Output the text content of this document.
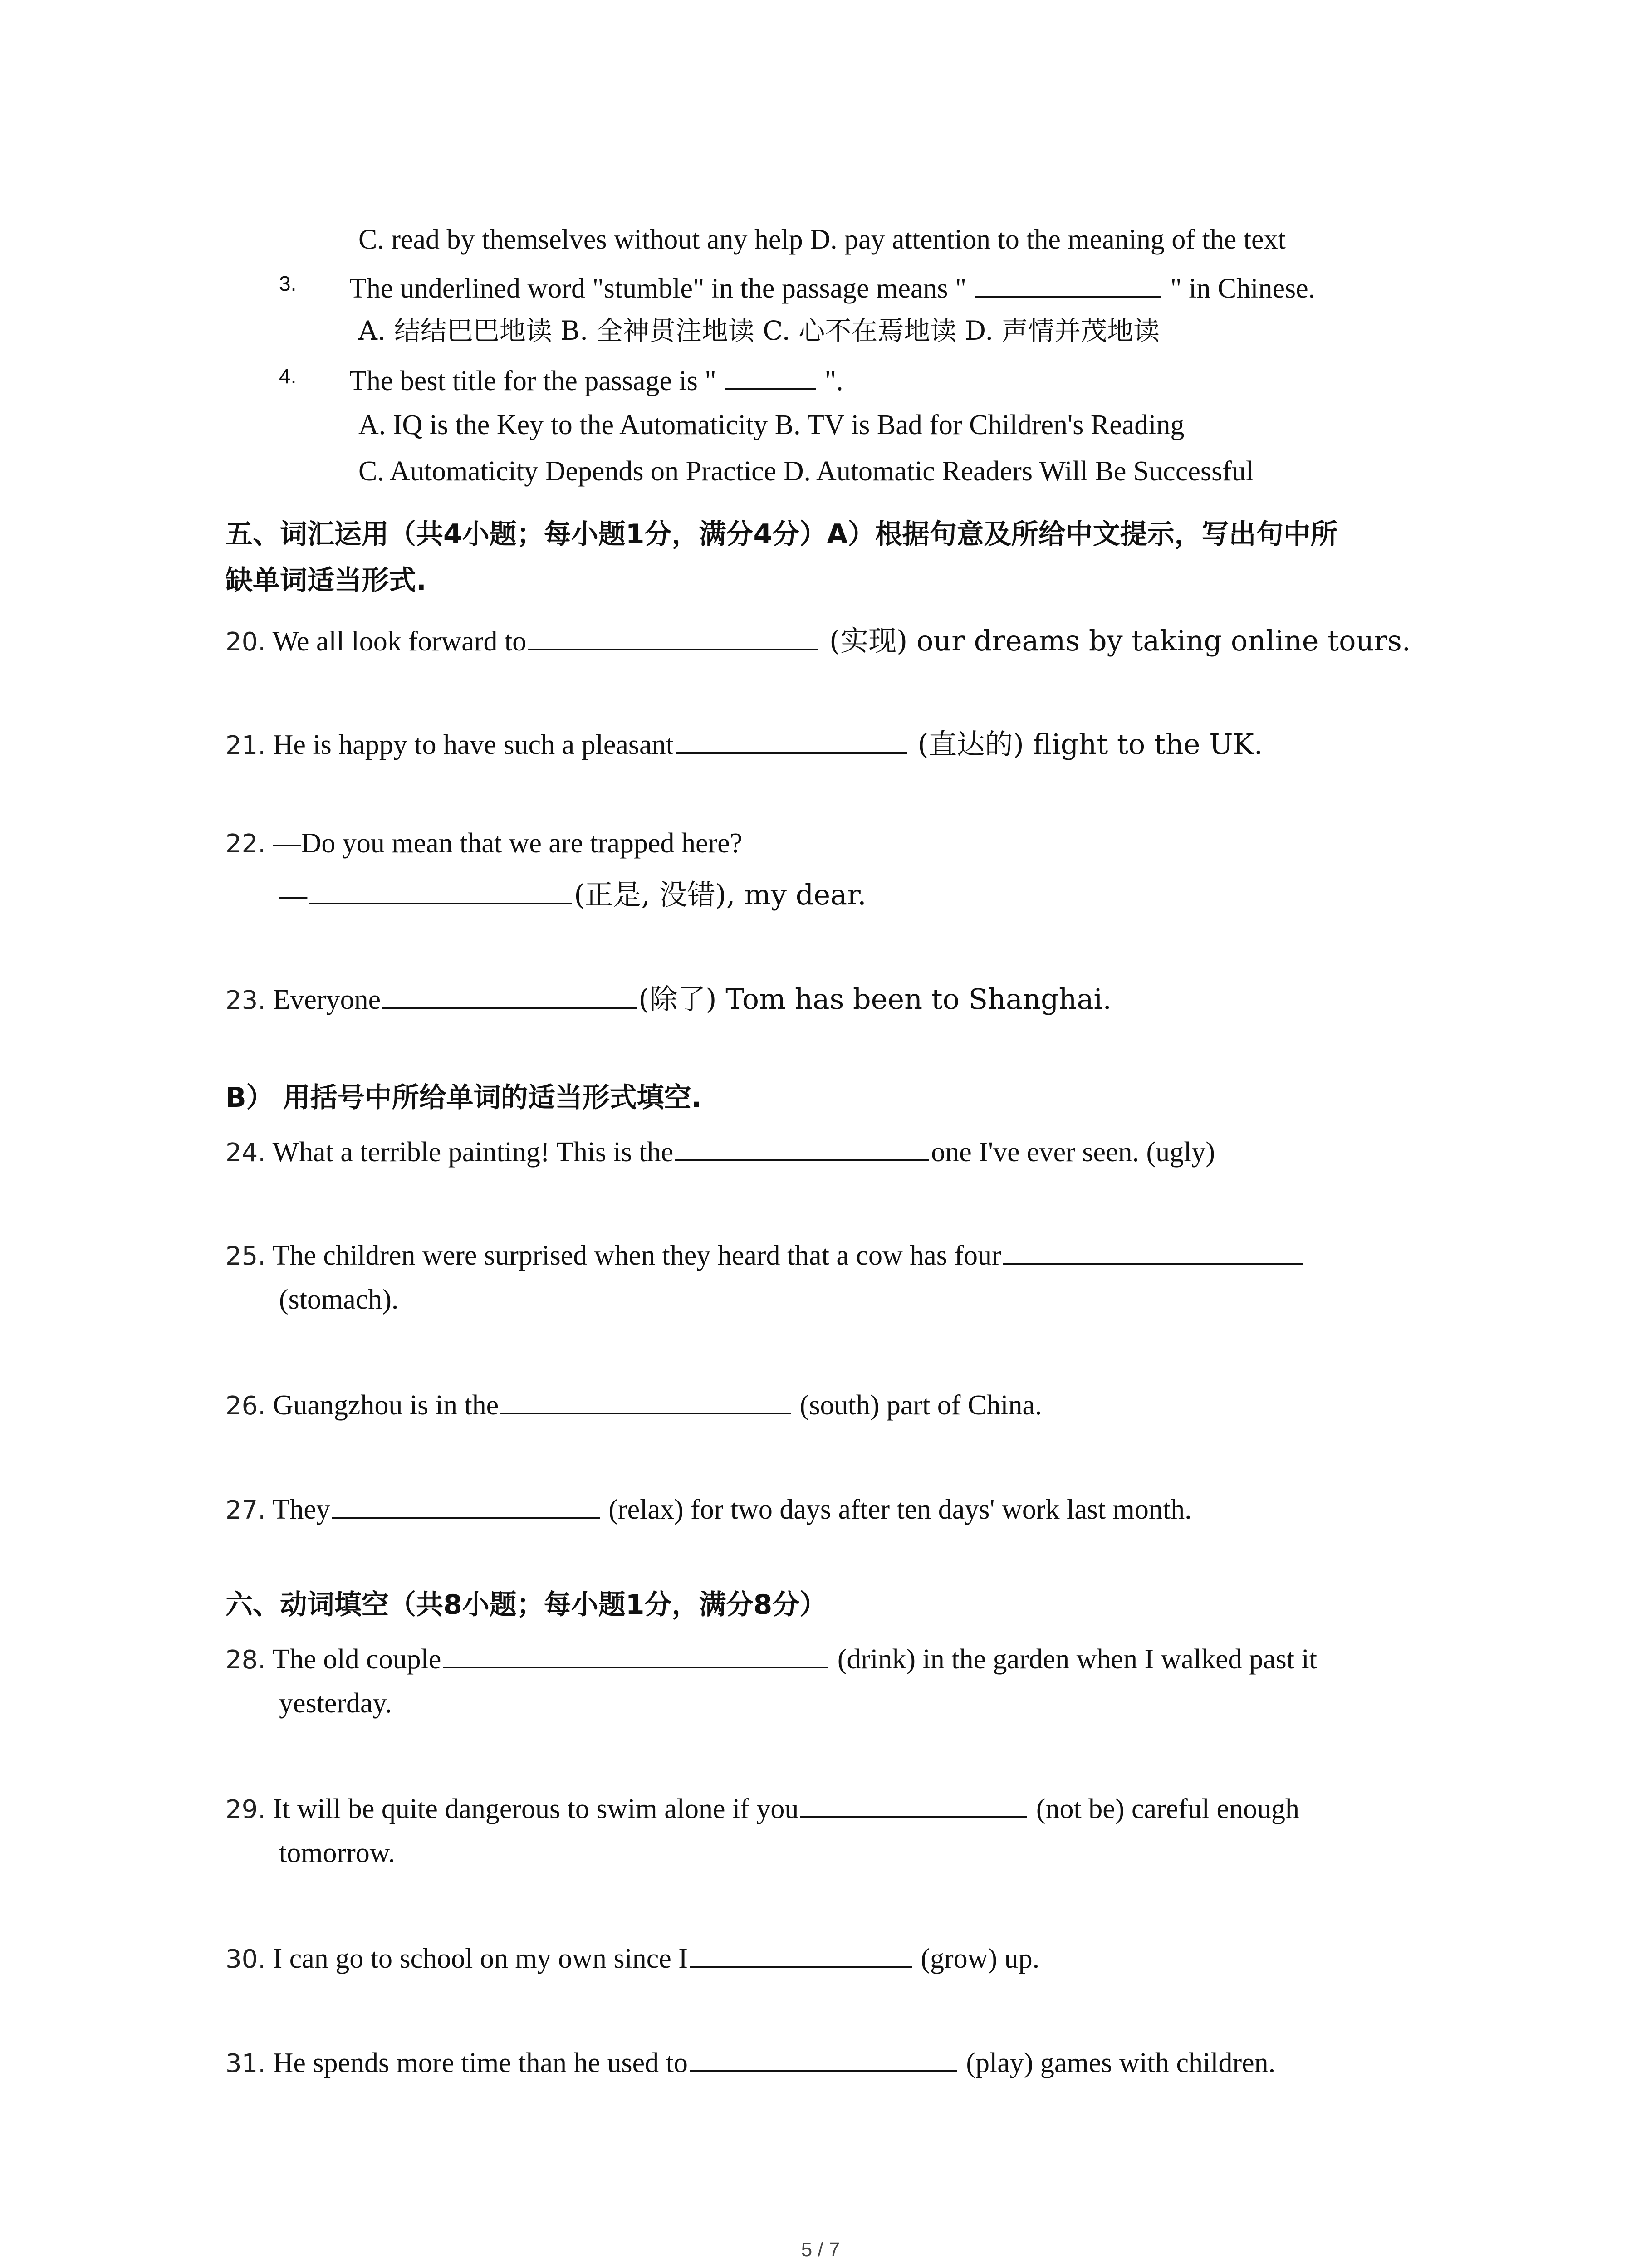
C. read by themselves without any help D. pay attention to the meaning of the text
3. The underlined word "stumble" in the passage means "	" in Chinese.
A. 结结巴巴地读 B. 全神贯注地读 C. 心不在焉地读 D. 声情并茂地读
4. The best title for the passage is "	".
A. IQ is the Key to the Automaticity B. TV is Bad for Children's Reading
C. Automaticity Depends on Practice D. Automatic Readers Will Be Successful
五、词汇运用（共4小题；每小题1分，满分4分）A）根据句意及所给中文提示，写出句中所
缺单词适当形式.
20. We all look forward to	(实现) our dreams by taking online tours.
21. He is happy to have such a pleasant	(直达的) flight to the UK.
22. —Do you mean that we are trapped here?
—	(正是, 没错), my dear.
23. Everyone	(除了) Tom has been to Shanghai.
B） 用括号中所给单词的适当形式填空.
24. What a terrible painting! This is the	one I've ever seen. (ugly)
25. The children were surprised when they heard that a cow has four
(stomach).
26. Guangzhou is in the	(south) part of China.
27. They	(relax) for two days after ten days' work last month.
六、动词填空（共8小题；每小题1分，满分8分）
28. The old couple	(drink) in the garden when I walked past it
yesterday.
29. It will be quite dangerous to swim alone if you	(not be) careful enough
tomorrow.
30. I can go to school on my own since I	(grow) up.
31. He spends more time than he used to	(play) games with children.
5 / 7
